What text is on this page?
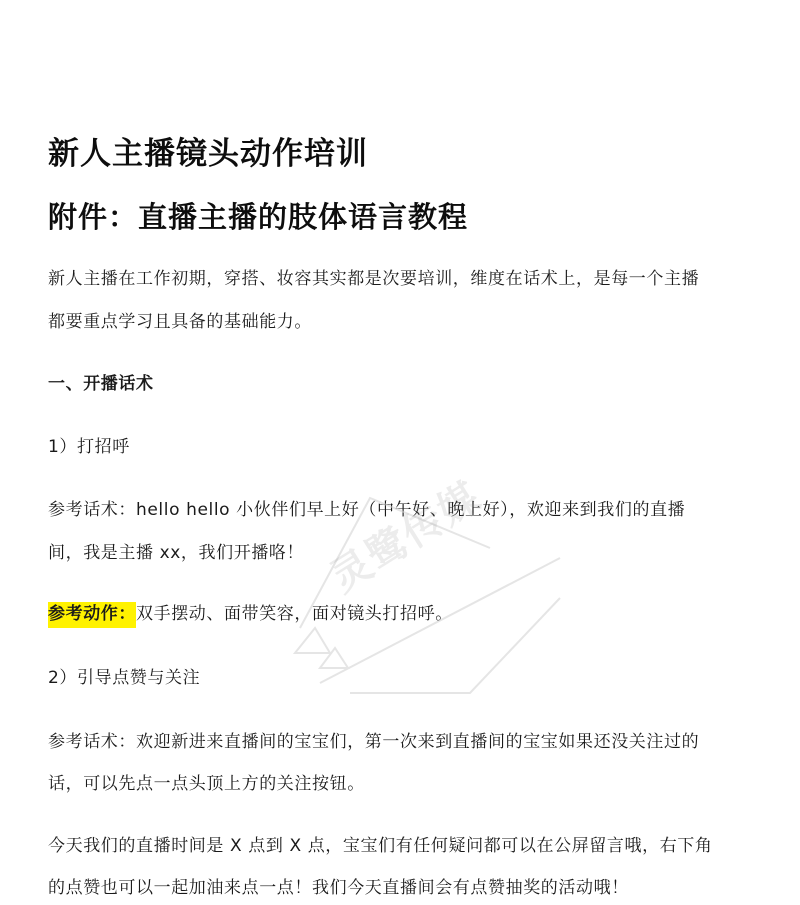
新人主播镜头动作培训
附件：直播主播的肢体语言教程
新人主播在工作初期，穿搭、妆容其实都是次要培训，维度在话术上，是每一个主播
都要重点学习且具备的基础能力。
一、开播话术
1）打招呼
参考话术：hello hello 小伙伴们早上好（中午好、晚上好），欢迎来到我们的直播
间，我是主播 xx，我们开播咯！
参考动作：双手摆动、面带笑容，面对镜头打招呼。
2）引导点赞与关注
参考话术：欢迎新进来直播间的宝宝们，第一次来到直播间的宝宝如果还没关注过的
话，可以先点一点头顶上方的关注按钮。
今天我们的直播时间是 X 点到 X 点，宝宝们有任何疑问都可以在公屏留言哦，右下角
的点赞也可以一起加油来点一点！我们今天直播间会有点赞抽奖的活动哦！
灵鹭传媒
